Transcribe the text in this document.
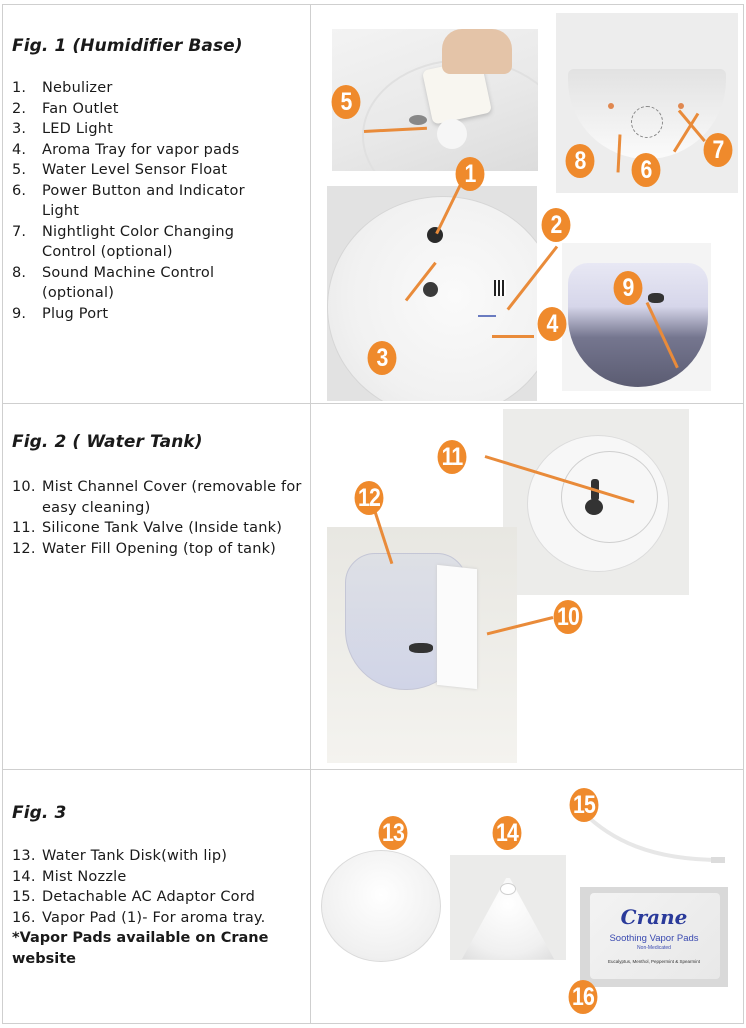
Fig. 1 (Humidifier Base)
1.	Nebulizer
2.	Fan Outlet
3.	LED Light
4.	Aroma Tray for vapor pads
5.	Water Level Sensor Float
6.	Power Button and Indicator Light
7.	Nightlight Color Changing Control (optional)
8.	Sound Machine Control (optional)
9.	Plug Port
5
1
2
4
3
8	6
7
9
Fig. 2 ( Water Tank)
10. Mist Channel Cover (removable for easy cleaning)
11. Silicone Tank Valve (Inside tank)
12. Water Fill Opening (top of tank)
11
12
10
Fig. 3
13. Water Tank Disk(with lip)
14. Mist Nozzle
15. Detachable AC Adaptor Cord
16. Vapor Pad (1)- For aroma tray.
*Vapor Pads available on Crane website
Crane
Soothing Vapor Pads
Non-Medicated
Eucalyptus, Menthol, Peppermint & Spearmint
13	14
15
16
